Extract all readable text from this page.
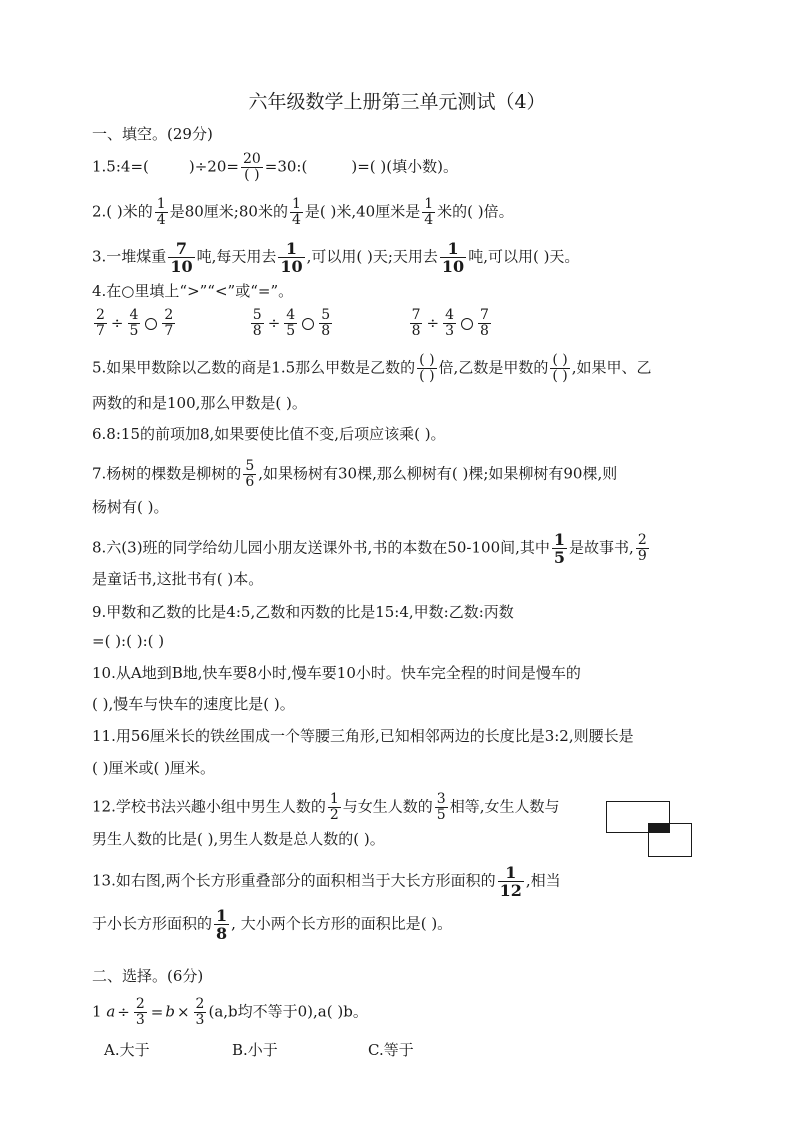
六年级数学上册第三单元测试（4）
一、填空。(29分)
1.5:4=(	)$\div 20= \frac{20}{( )}$ =30:(	)=( )(填小数)。
2.( )米的 $\frac{1}{4}$ 是80厘米;80米的 $\frac{1}{4}$ 是( )米,40厘米是 $\frac{1}{4}$ 米的( )倍。
3.一堆煤重 $\frac{7}{10}$ 吨,每天用去 $\frac{1}{10}$ ,可以用( )天;天用去 $\frac{1}{10}$ 吨,可以用( )天。
4.在○里填上“>”“<”或“=”。
$\frac{2}{7} \div \frac{4}{5} \frac{2}{7}$
	$\frac{5}{8} \div \frac{4}{5} \frac{5}{8}$
	$\frac{7}{8} \div \frac{4}{3} \frac{7}{8}$
5.如果甲数除以乙数的商是1.5那么甲数是乙数的 $\frac{( )}{( )}$ 倍,乙数是甲数的 $\frac{( )}{( )}$ ,如果甲、乙
两数的和是100,那么甲数是( )。
6.8:15的前项加8,如果要使比值不变,后项应该乘( )。
7.杨树的棵数是柳树的 $\frac{5}{6}$ ,如果杨树有30棵,那么柳树有( )棵;如果柳树有90棵,则
杨树有( )。
8.六(3)班的同学给幼儿园小朋友送课外书,书的本数在50-100间,其中 $\frac{1}{5}$ 是故事书, $\frac{2}{9}$
是童话书,这批书有( )本。
9.甲数和乙数的比是4:5,乙数和丙数的比是15:4,甲数:乙数:丙数
=( ):( ):( )
10.从A地到B地,快车要8小时,慢车要10小时。快车完全程的时间是慢车的
( ),慢车与快车的速度比是( )。
11.用56厘米长的铁丝围成一个等腰三角形,已知相邻两边的长度比是3:2,则腰长是
( )厘米或( )厘米。
12.学校书法兴趣小组中男生人数的 $\frac{1}{2}$ 与女生人数的 $\frac{3}{5}$ 相等,女生人数与
男生人数的比是( ),男生人数是总人数的( )。
13.如右图,两个长方形重叠部分的面积相当于大长方形面积的 $\frac{1}{12}$ ,相当
于小长方形面积的 $\frac{1}{8}$ , 大小两个长方形的面积比是( )。
二、选择。(6分)
1 $a \div \frac{2}{3} = b \times \frac{2}{3} (a,b$均不等于0),a( )b。
A.大于	B.小于	C.等于
